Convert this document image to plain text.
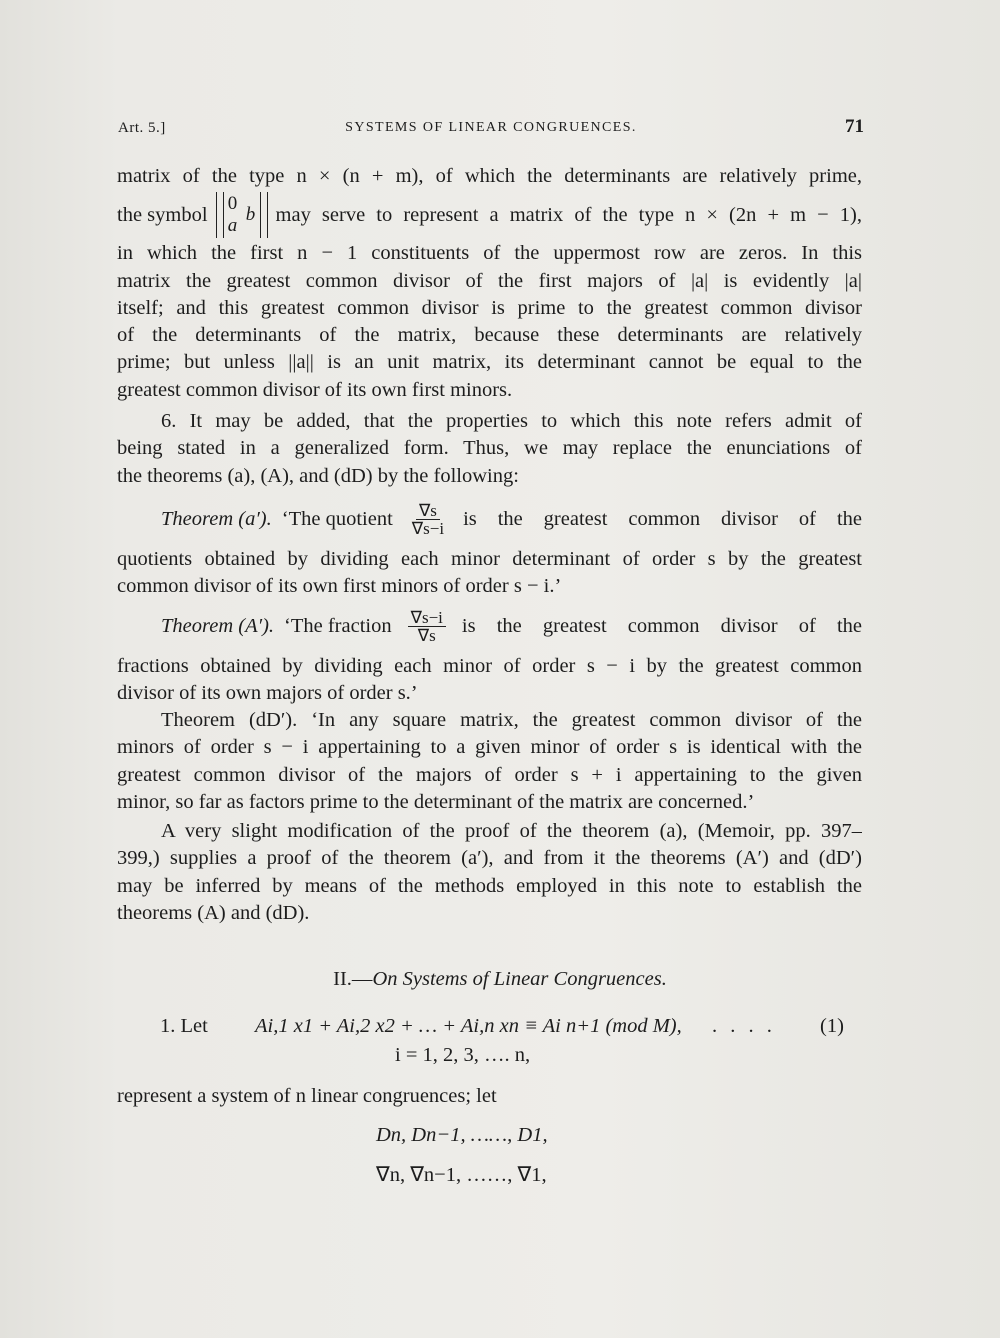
Art. 5.]	SYSTEMS OF LINEAR CONGRUENCES.	71
matrix of the type n × (n + m), of which the determinants are relatively prime,
the symbol 0
a
b may serve to represent a matrix of the type n × (2n + m − 1),
in which the first n − 1 constituents of the uppermost row are zeros. In this
matrix the greatest common divisor of the first majors of |a| is evidently |a|
itself; and this greatest common divisor is prime to the greatest common divisor
of the determinants of the matrix, because these determinants are relatively
prime; but unless ||a|| is an unit matrix, its determinant cannot be equal to the
greatest common divisor of its own first minors.
6. It may be added, that the properties to which this note refers admit of
being stated in a generalized form. Thus, we may replace the enunciations of
the theorems (a), (A), and (dD) by the following:
Theorem (a′). ‘The quotient $\frac{\nabla s}{\nabla s-i}$ is the greatest common divisor of the
quotients obtained by dividing each minor determinant of order s by the greatest
common divisor of its own first minors of order s − i.’
Theorem (A′). ‘The fraction $\frac{\nabla s-i}{\nabla s}$ is the greatest common divisor of the
fractions obtained by dividing each minor of order s − i by the greatest common
divisor of its own majors of order s.’
Theorem (dD′). ‘In any square matrix, the greatest common divisor of the
minors of order s − i appertaining to a given minor of order s is identical with the
greatest common divisor of the majors of order s + i appertaining to the given
minor, so far as factors prime to the determinant of the matrix are concerned.’
A very slight modification of the proof of the theorem (a), (Memoir, pp. 397–
399,) supplies a proof of the theorem (a′), and from it the theorems (A′) and (dD′)
may be inferred by means of the methods employed in this note to establish the
theorems (A) and (dD).
II.—On Systems of Linear Congruences.
1. Let Ai,1 x1 + Ai,2 x2 + … + Ai,n xn ≡ Ai n+1 (mod M), . . . . (1)
i = 1, 2, 3, …. n,
represent a system of n linear congruences; let
Dn, Dn−1, ……, D1,
∇n, ∇n−1, ……, ∇1,
